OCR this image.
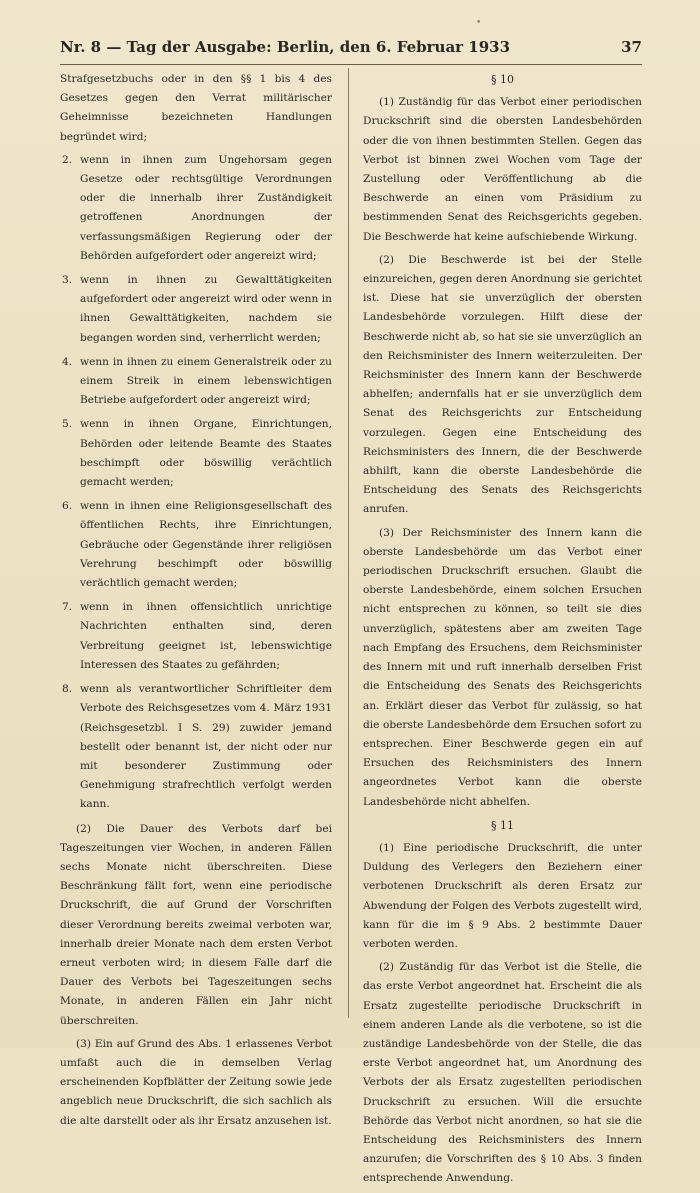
•
Nr. 8 — Tag der Ausgabe: Berlin, den 6. Februar 1933	37

Strafgesetzbuchs oder in den §§ 1 bis 4 des Gesetzes gegen den Verrat militärischer Geheimnisse bezeichneten Handlungen begründet wird;

2. wenn in ihnen zum Ungehorsam gegen Gesetze oder rechtsgültige Verordnungen oder die innerhalb ihrer Zuständigkeit getroffenen Anordnungen der verfassungsmäßigen Regierung oder der Behörden aufgefordert oder angereizt wird;
3. wenn in ihnen zu Gewalttätigkeiten aufgefordert oder angereizt wird oder wenn in ihnen Gewalttätigkeiten, nachdem sie begangen worden sind, verherrlicht werden;
4. wenn in ihnen zu einem Generalstreik oder zu einem Streik in einem lebenswichtigen Betriebe aufgefordert oder angereizt wird;
5. wenn in ihnen Organe, Einrichtungen, Behörden oder leitende Beamte des Staates beschimpft oder böswillig verächtlich gemacht werden;
6. wenn in ihnen eine Religionsgesellschaft des öffentlichen Rechts, ihre Einrichtungen, Gebräuche oder Gegenstände ihrer religiösen Verehrung beschimpft oder böswillig verächtlich gemacht werden;
7. wenn in ihnen offensichtlich unrichtige Nachrichten enthalten sind, deren Verbreitung geeignet ist, lebenswichtige Interessen des Staates zu gefährden;
8. wenn als verantwortlicher Schriftleiter dem Verbote des Reichsgesetzes vom 4. März 1931 (Reichsgesetzbl. I S. 29) zuwider jemand bestellt oder benannt ist, der nicht oder nur mit besonderer Zustimmung oder Genehmigung strafrechtlich verfolgt werden kann.

(2) Die Dauer des Verbots darf bei Tageszeitungen vier Wochen, in anderen Fällen sechs Monate nicht überschreiten. Diese Beschränkung fällt fort, wenn eine periodische Druckschrift, die auf Grund der Vorschriften dieser Verordnung bereits zweimal verboten war, innerhalb dreier Monate nach dem ersten Verbot erneut verboten wird; in diesem Falle darf die Dauer des Verbots bei Tageszeitungen sechs Monate, in anderen Fällen ein Jahr nicht überschreiten.

(3) Ein auf Grund des Abs. 1 erlassenes Verbot umfaßt auch die in demselben Verlag erscheinenden Kopfblätter der Zeitung sowie jede angeblich neue Druckschrift, die sich sachlich als die alte darstellt oder als ihr Ersatz anzusehen ist.

§ 10

(1) Zuständig für das Verbot einer periodischen Druckschrift sind die obersten Landesbehörden oder die von ihnen bestimmten Stellen. Gegen das Verbot ist binnen zwei Wochen vom Tage der Zustellung oder Veröffentlichung ab die Beschwerde an einen vom Präsidium zu bestimmenden Senat des Reichsgerichts gegeben. Die Beschwerde hat keine aufschiebende Wirkung.

(2) Die Beschwerde ist bei der Stelle einzureichen, gegen deren Anordnung sie gerichtet ist. Diese hat sie unverzüglich der obersten Landesbehörde vorzulegen. Hilft diese der Beschwerde nicht ab, so hat sie sie unverzüglich an den Reichsminister des Innern weiterzuleiten. Der Reichsminister des Innern kann der Beschwerde abhelfen; andernfalls hat er sie unverzüglich dem Senat des Reichsgerichts zur Entscheidung vorzulegen. Gegen eine Entscheidung des Reichsministers des Innern, die der Beschwerde abhilft, kann die oberste Landesbehörde die Entscheidung des Senats des Reichsgerichts anrufen.

(3) Der Reichsminister des Innern kann die oberste Landesbehörde um das Verbot einer periodischen Druckschrift ersuchen. Glaubt die oberste Landesbehörde, einem solchen Ersuchen nicht entsprechen zu können, so teilt sie dies unverzüglich, spätestens aber am zweiten Tage nach Empfang des Ersuchens, dem Reichsminister des Innern mit und ruft innerhalb derselben Frist die Entscheidung des Senats des Reichsgerichts an. Erklärt dieser das Verbot für zulässig, so hat die oberste Landesbehörde dem Ersuchen sofort zu entsprechen. Einer Beschwerde gegen ein auf Ersuchen des Reichsministers des Innern angeordnetes Verbot kann die oberste Landesbehörde nicht abhelfen.

§ 11

(1) Eine periodische Druckschrift, die unter Duldung des Verlegers den Beziehern einer verbotenen Druckschrift als deren Ersatz zur Abwendung der Folgen des Verbots zugestellt wird, kann für die im § 9 Abs. 2 bestimmte Dauer verboten werden.

(2) Zuständig für das Verbot ist die Stelle, die das erste Verbot angeordnet hat. Erscheint die als Ersatz zugestellte periodische Druckschrift in einem anderen Lande als die verbotene, so ist die zuständige Landesbehörde von der Stelle, die das erste Verbot angeordnet hat, um Anordnung des Verbots der als Ersatz zugestellten periodischen Druckschrift zu ersuchen. Will die ersuchte Behörde das Verbot nicht anordnen, so hat sie die Entscheidung des Reichsministers des Innern anzurufen; die Vorschriften des § 10 Abs. 3 finden entsprechende Anwendung.
